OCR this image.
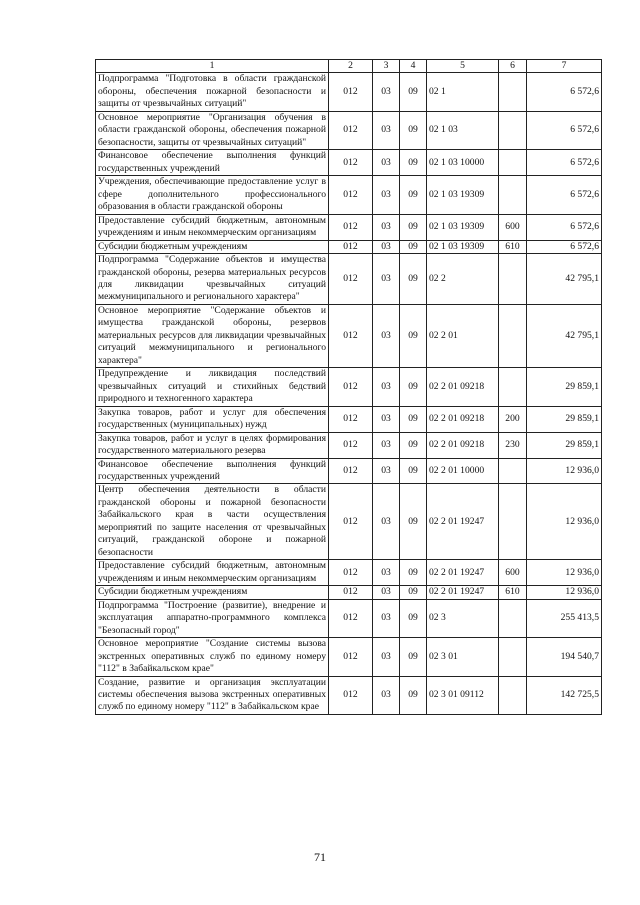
1	2	3	4	5	6	7
Подпрограмма "Подготовка в области гражданской обороны, обеспечения пожарной безопасности и защиты от чрезвычайных ситуаций"	012	03	09	02 1		6 572,6
Основное мероприятие "Организация обучения в области гражданской обороны, обеспечения пожарной безопасности, защиты от чрезвычайных ситуаций"	012	03	09	02 1 03		6 572,6
Финансовое обеспечение выполнения функций государственных учреждений	012	03	09	02 1 03 10000		6 572,6
Учреждения, обеспечивающие предоставление услуг в сфере дополнительного профессионального образования в области гражданской обороны	012	03	09	02 1 03 19309		6 572,6
Предоставление субсидий бюджетным, автономным учреждениям и иным некоммерческим организациям	012	03	09	02 1 03 19309	600	6 572,6
Субсидии бюджетным учреждениям	012	03	09	02 1 03 19309	610	6 572,6
Подпрограмма "Содержание объектов и имущества гражданской обороны, резерва материальных ресурсов для ликвидации чрезвычайных ситуаций межмуниципального и регионального характера"	012	03	09	02 2		42 795,1
Основное мероприятие "Содержание объектов и имущества гражданской обороны, резервов материальных ресурсов для ликвидации чрезвычайных ситуаций межмуниципального и регионального характера"	012	03	09	02 2 01		42 795,1
Предупреждение и ликвидация последствий чрезвычайных ситуаций и стихийных бедствий природного и техногенного характера	012	03	09	02 2 01 09218		29 859,1
Закупка товаров, работ и услуг для обеспечения государственных (муниципальных) нужд	012	03	09	02 2 01 09218	200	29 859,1
Закупка товаров, работ и услуг в целях формирования государственного материального резерва	012	03	09	02 2 01 09218	230	29 859,1
Финансовое обеспечение выполнения функций государственных учреждений	012	03	09	02 2 01 10000		12 936,0
Центр обеспечения деятельности в области гражданской обороны и пожарной безопасности Забайкальского края в части осуществления мероприятий по защите населения от чрезвычайных ситуаций, гражданской обороне и пожарной безопасности	012	03	09	02 2 01 19247		12 936,0
Предоставление субсидий бюджетным, автономным учреждениям и иным некоммерческим организациям	012	03	09	02 2 01 19247	600	12 936,0
Субсидии бюджетным учреждениям	012	03	09	02 2 01 19247	610	12 936,0
Подпрограмма "Построение (развитие), внедрение и эксплуатация аппаратно-программного комплекса "Безопасный город"	012	03	09	02 3		255 413,5
Основное мероприятие "Создание системы вызова экстренных оперативных служб по единому номеру "112" в Забайкальском крае"	012	03	09	02 3 01		194 540,7
Создание, развитие и организация эксплуатации системы обеспечения вызова экстренных оперативных служб по единому номеру "112" в Забайкальском крае	012	03	09	02 3 01 09112		142 725,5
71
